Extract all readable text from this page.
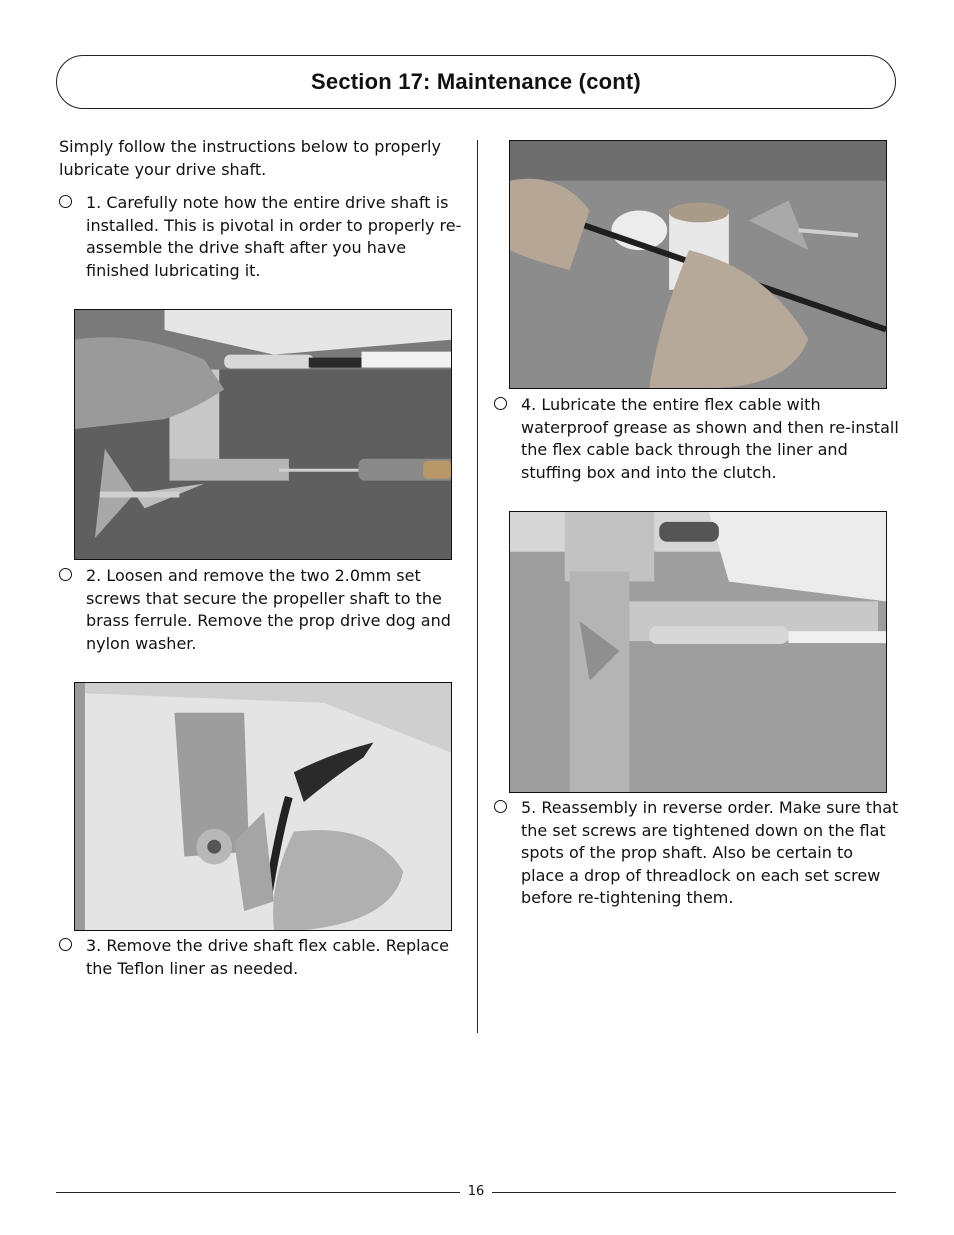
Section 17: Maintenance (cont)
Simply follow the instructions below to properly lubricate your drive shaft.
1. Carefully note how the entire drive shaft is installed. This is pivotal in order to properly re-assemble the drive shaft after you have finished lubricating it.
2. Loosen and remove the two 2.0mm set screws that secure the propeller shaft to the brass ferrule. Remove the prop drive dog and nylon washer.
3. Remove the drive shaft flex cable. Replace the Teflon liner as needed.
4. Lubricate the entire flex cable with waterproof grease as shown and then re-install the flex cable back through the liner and stuffing box and into the clutch.
5. Reassembly in reverse order. Make sure that the set screws are tightened down on the flat spots of the prop shaft. Also be certain to place a drop of threadlock on each set screw before re-tightening them.
16
